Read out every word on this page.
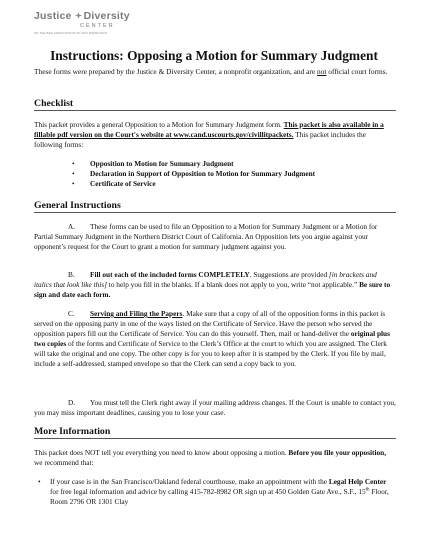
Justice Diversity
CENTER
OF THE BAR ASSOCIATION OF SAN FRANCISCO
Instructions: Opposing a Motion for Summary Judgment

These forms were prepared by the Justice & Diversity Center, a nonprofit organization, and are not official court forms.

Checklist

This packet provides a general Opposition to a Motion for Summary Judgment form. This packet is also available in a fillable pdf version on the Court's website at www.cand.uscourts.gov/civillitpackets. This packet includes the following forms:

• Opposition to Motion for Summary Judgment
• Declaration in Support of Opposition to Motion for Summary Judgment
• Certificate of Service
General Instructions

A. These forms can be used to file an Opposition to a Motion for Summary Judgment or a Motion for Partial Summary Judgment in the Northern District Court of California. An Opposition lets you argue against your opponent’s request for the Court to grant a motion for summary judgment against you.

B. Fill out each of the included forms COMPLETELY. Suggestions are provided [in brackets and italics that look like this] to help you fill in the blanks. If a blank does not apply to you, write “not applicable.” Be sure to sign and date each form.

C. Serving and Filing the Papers. Make sure that a copy of all of the opposition forms in this packet is served on the opposing party in one of the ways listed on the Certificate of Service. Have the person who served the opposition papers fill out the Certificate of Service. You can do this yourself. Then, mail or hand-deliver the original plus two copies of the forms and Certificate of Service to the Clerk’s Office at the court to which you are assigned. The Clerk will take the original and one copy. The other copy is for you to keep after it is stamped by the Clerk. If you file by mail, include a self-addressed, stamped envelope so that the Clerk can send a copy back to you.

D. You must tell the Clerk right away if your mailing address changes. If the Court is unable to contact you, you may miss important deadlines, causing you to lose your case.

More Information

This packet does NOT tell you everything you need to know about opposing a motion. Before you file your opposition, we recommend that:

• If your case is in the San Francisco/Oakland federal courthouse, make an appointment with the Legal Help Center for free legal information and advice by calling 415-782-8982 OR sign up at 450 Golden Gate Ave., S.F., 15th Floor, Room 2796 OR 1301 Clay
